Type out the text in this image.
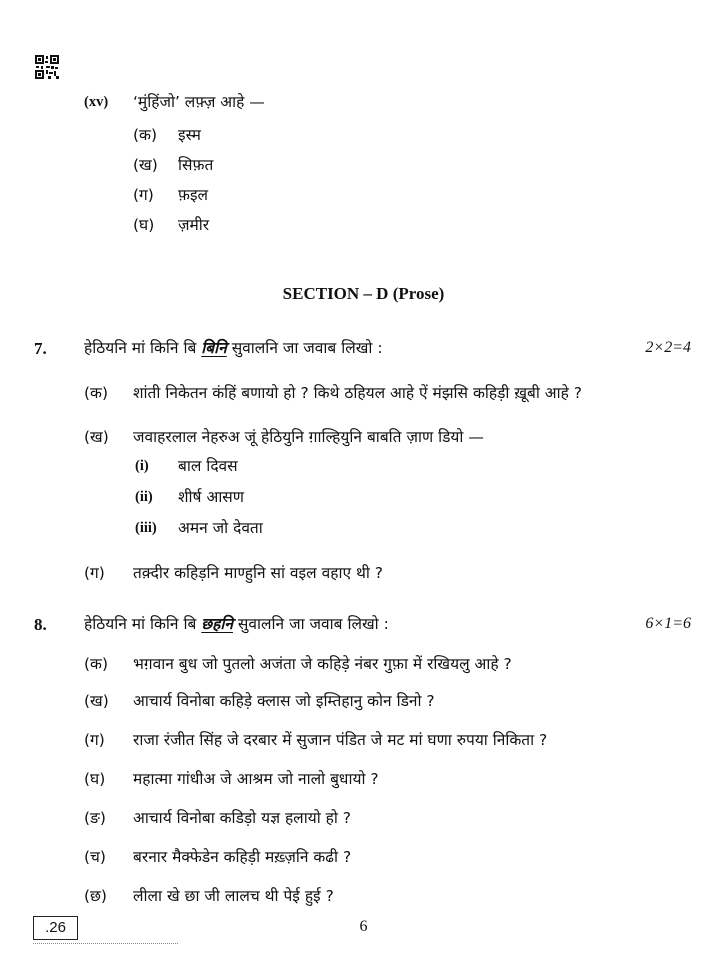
(xv) ‘मुंहिंजो’ लफ़्ज़ आहे —
(क) इस्म
(ख) सिफ़त
(ग) फ़इल
(घ) ज़मीर
SECTION – D (Prose)
7. हेठियनि मां किनि बि बिनि सुवालनि जा जवाब लिखो :	2×2=4
(क) शांती निकेतन कंहिं बणायो हो ? किथे ठहियल आहे ऐं मंझसि कहिड़ी ख़ूबी आहे ?
(ख) जवाहरलाल नेहरुअ जूं हेठियुनि ग़ाल्हियुनि बाबति ज़ाण डियो —
(i) बाल दिवस
(ii) शीर्ष आसण
(iii) अमन जो देवता
(ग) तक़्दीर कहिड़नि माण्हुनि सां वइल वहाए थी ?
8. हेठियनि मां किनि बि छहनि सुवालनि जा जवाब लिखो :	6×1=6
(क) भग़वान बुध जो पुतलो अजंता जे कहिड़े नंबर गुफ़ा में रखियलु आहे ?
(ख) आचार्य विनोबा कहिड़े क्लास जो इम्तिहानु कोन डिनो ?
(ग) राजा रंजीत सिंह जे दरबार में सुजान पंडित जे मट मां घणा रुपया निकिता ?
(घ) महात्मा गांधीअ जे आश्रम जो नालो बुधायो ?
(ङ) आचार्य विनोबा कडिड़ो यज्ञ हलायो हो ?
(च) बरनार मैक्फेडेन कहिड़ी मख़्ज़नि कढी ?
(छ) लीला खे छा जी लालच थी पेई हुई ?
.26	6
